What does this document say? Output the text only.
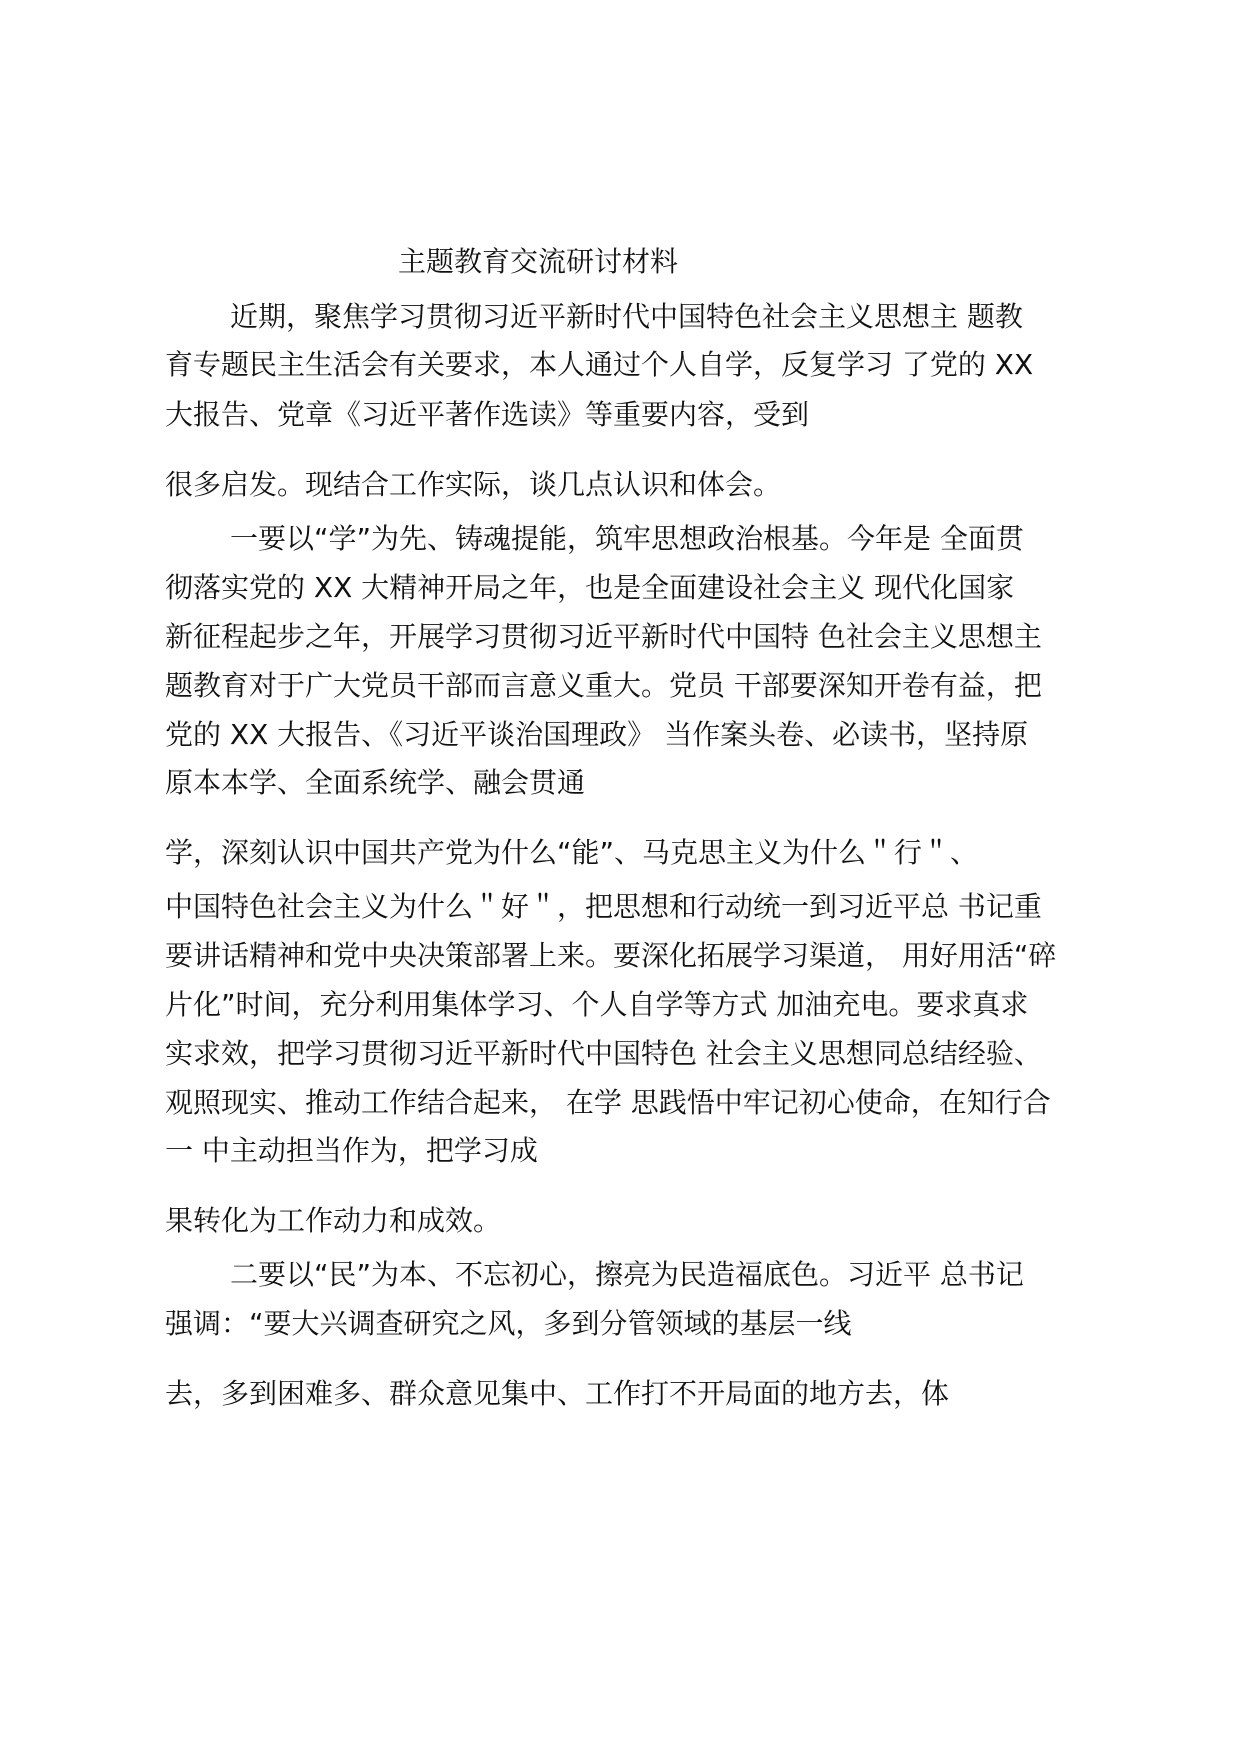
主题教育交流研讨材料
近期，聚焦学习贯彻习近平新时代中国特色社会主义思想主 题教
育专题民主生活会有关要求，本人通过个人自学，反复学习 了党的 XX
大报告、党章《习近平著作选读》等重要内容，受到
很多启发。现结合工作实际，谈几点认识和体会。
一要以“学”为先、铸魂提能，筑牢思想政治根基。今年是 全面贯
彻落实党的 XX 大精神开局之年，也是全面建设社会主义 现代化国家
新征程起步之年，开展学习贯彻习近平新时代中国特 色社会主义思想主
题教育对于广大党员干部而言意义重大。党员 干部要深知开卷有益，把
党的 XX 大报告、《习近平谈治国理政》 当作案头卷、必读书，坚持原
原本本学、全面系统学、融会贯通
学，深刻认识中国共产党为什么“能”、马克思主义为什么＂行＂、
中国特色社会主义为什么＂好＂，把思想和行动统一到习近平总 书记重
要讲话精神和党中央决策部署上来。要深化拓展学习渠道， 用好用活“碎
片化”时间，充分利用集体学习、个人自学等方式 加油充电。要求真求
实求效，把学习贯彻习近平新时代中国特色 社会主义思想同总结经验、
观照现实、推动工作结合起来， 在学 思践悟中牢记初心使命，在知行合
一 中主动担当作为，把学习成
果转化为工作动力和成效。
二要以“民”为本、不忘初心，擦亮为民造福底色。习近平 总书记
强调：“要大兴调查研究之风，多到分管领域的基层一线
去，多到困难多、群众意见集中、工作打不开局面的地方去，体
